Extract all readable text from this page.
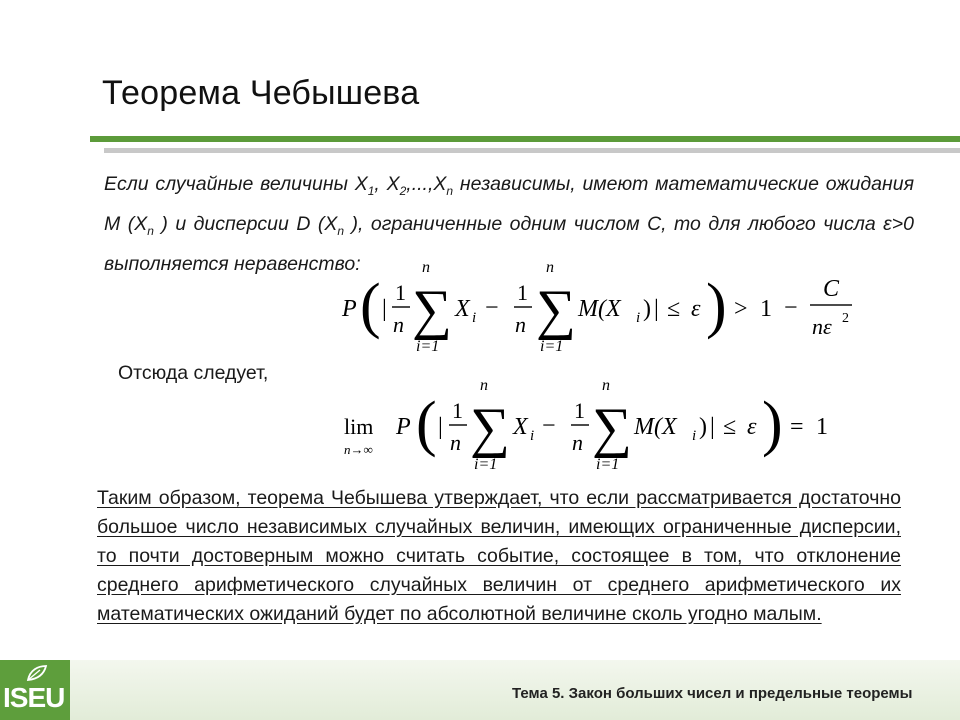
Теорема Чебышева
Если случайные величины $X_1$, $X_2,...,X_n$ независимы, имеют математические ожидания M ($X_n$ ) и дисперсии D ($X_n$ ), ограниченные одним числом C, то для любого числа ε>0 выполняется неравенство:
P ( |
1
n
n
∑
i=1
X i −
1
n
n
∑
i=1
M(X i ) | ≤ ε ) > 1 −
C
nε 2
Отсюда следует,
lim
n→∞
P ( |
1
n
n
∑
i=1
X i −
1
n
n
∑
i=1
M(X i ) | ≤ ε ) = 1
Таким образом, теорема Чебышева утверждает, что если рассматривается достаточно большое число независимых случайных величин, имеющих ограниченные дисперсии, то почти достоверным можно считать событие, состоящее в том, что отклонение среднего арифметического случайных величин от среднего арифметического их математических ожиданий будет по абсолютной величине сколь угодно малым.
ISEU	Тема 5. Закон больших чисел и предельные теоремы
